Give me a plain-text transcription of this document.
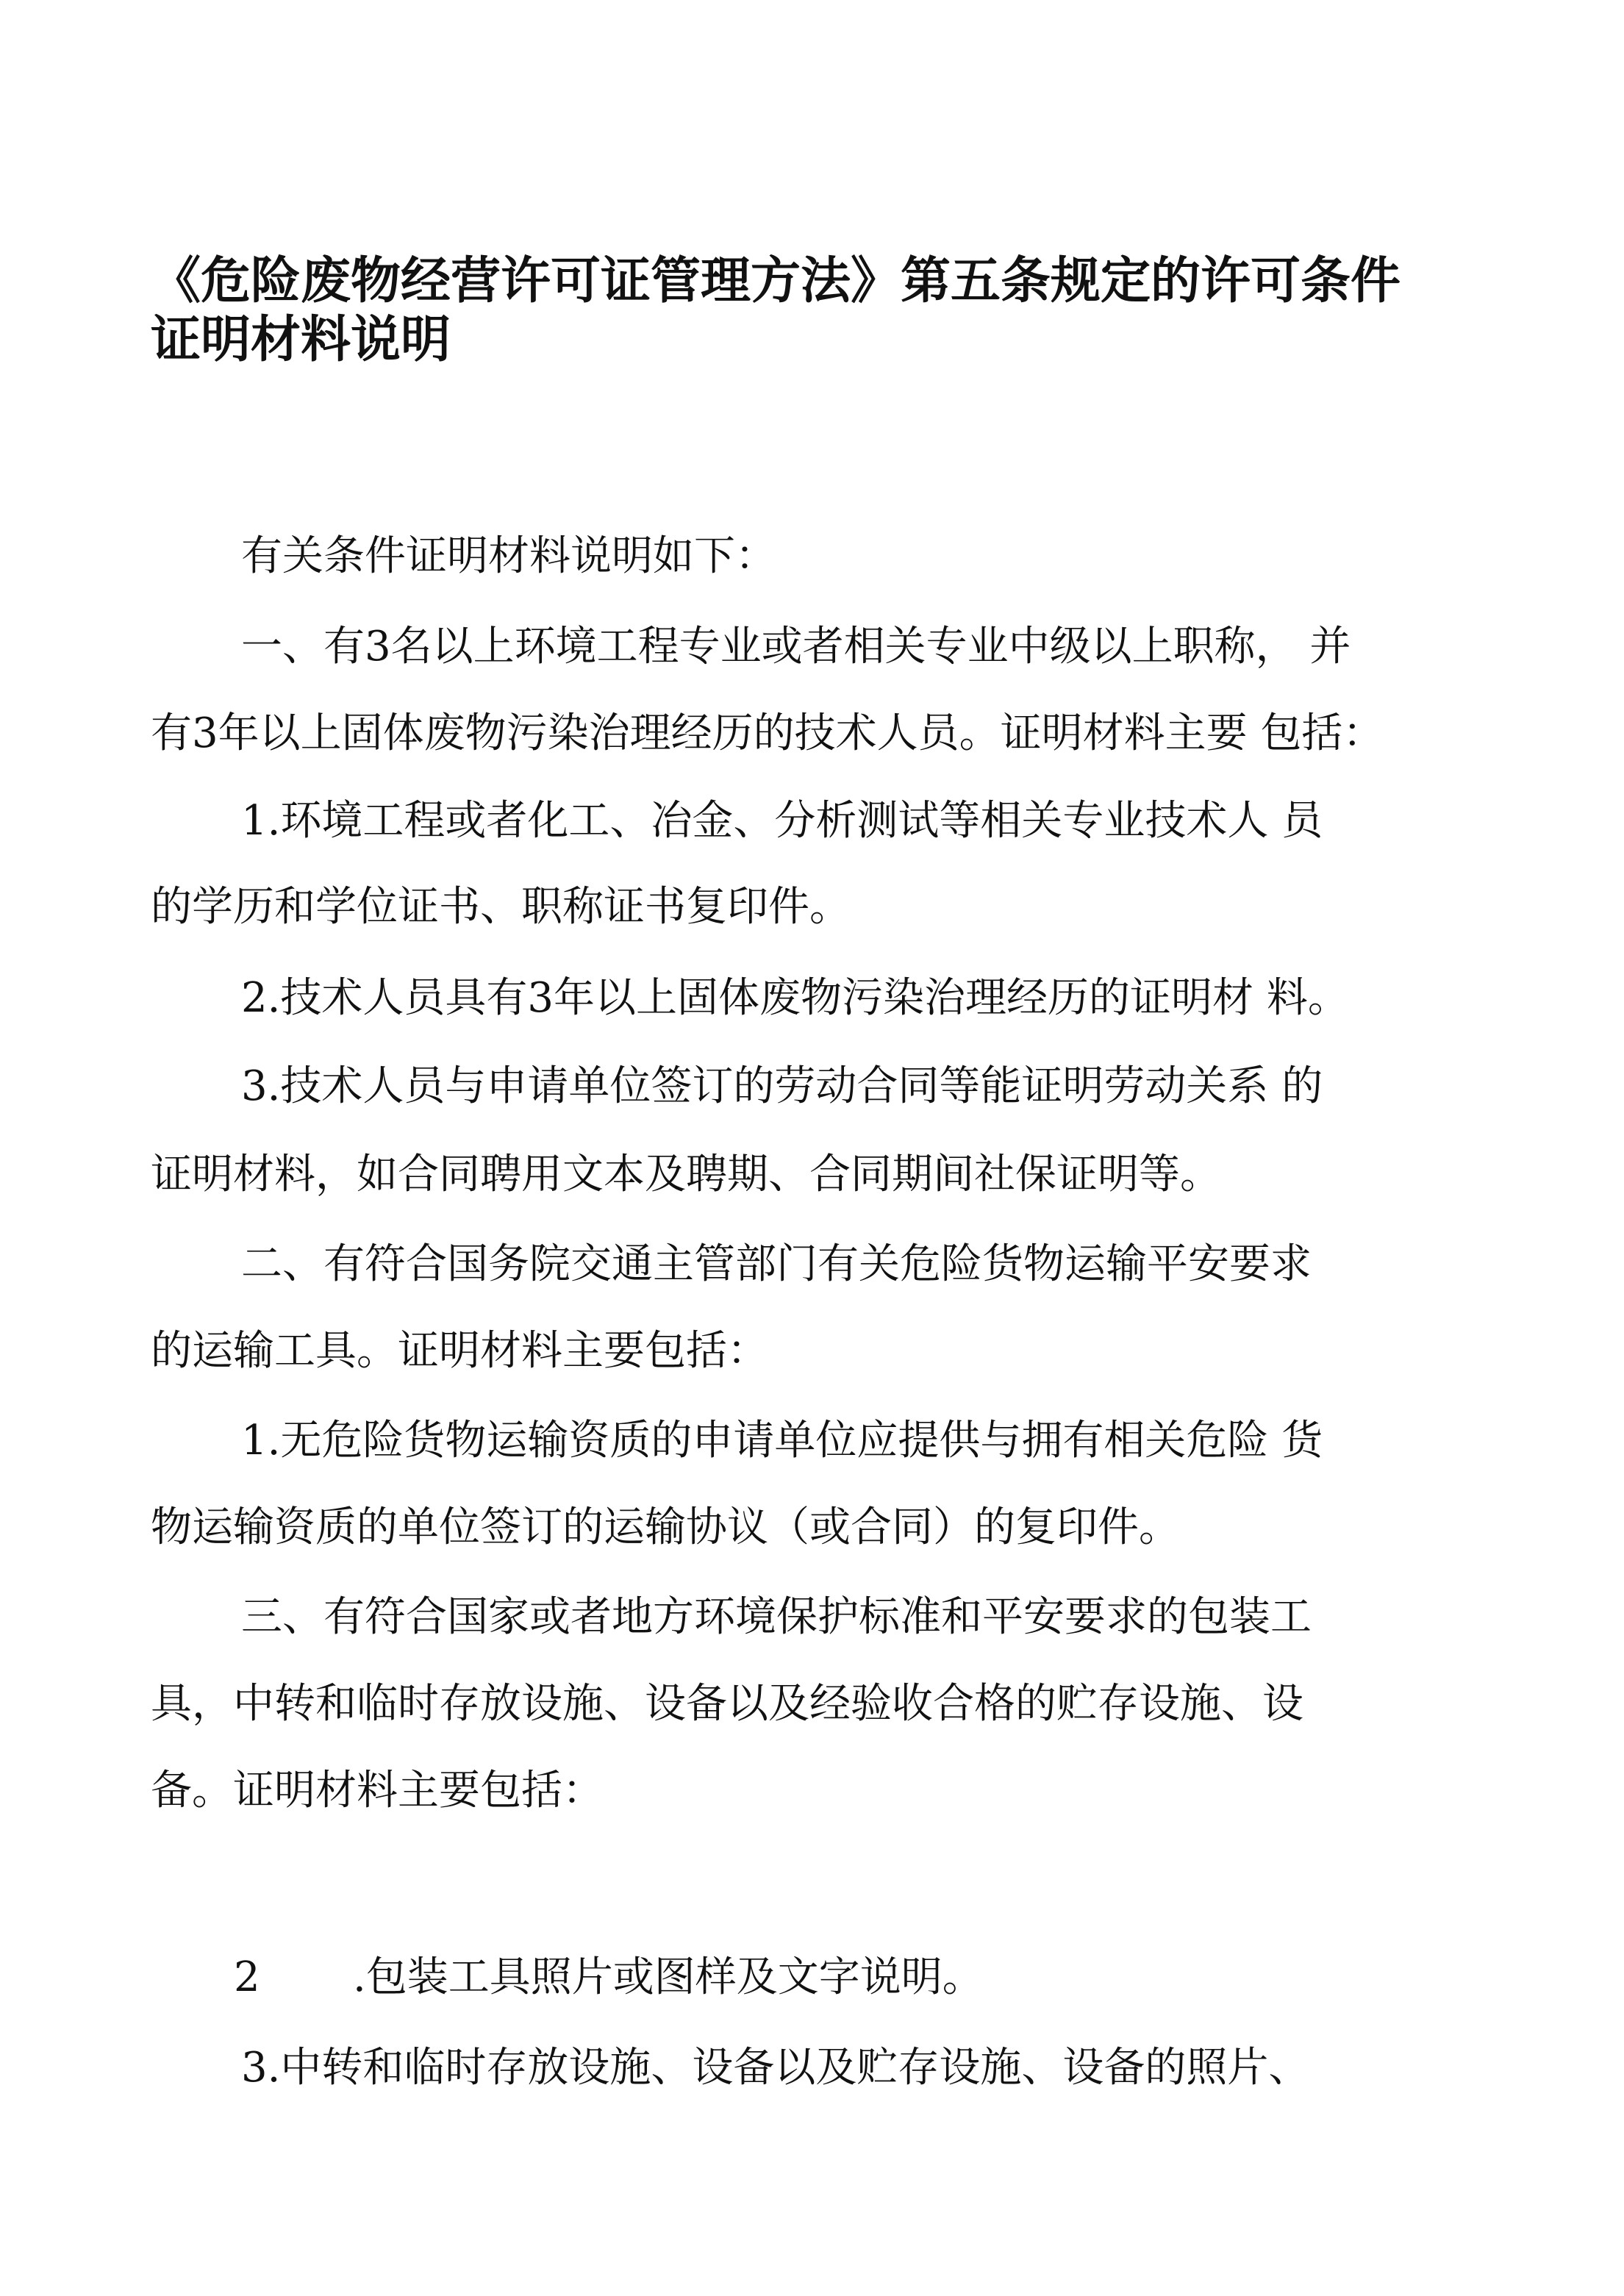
《危险废物经营许可证管理方法》第五条规定的许可条件
证明材料说明
有关条件证明材料说明如下：
一、有3名以上环境工程专业或者相关专业中级以上职称， 并
有3年以上固体废物污染治理经历的技术人员。证明材料主要 包括：
1.环境工程或者化工、冶金、分析测试等相关专业技术人 员
的学历和学位证书、职称证书复印件。
2.技术人员具有3年以上固体废物污染治理经历的证明材 料。
3.技术人员与申请单位签订的劳动合同等能证明劳动关系 的
证明材料，如合同聘用文本及聘期、合同期间社保证明等。
二、有符合国务院交通主管部门有关危险货物运输平安要求
的运输工具。证明材料主要包括：
1.无危险货物运输资质的申请单位应提供与拥有相关危险 货
物运输资质的单位签订的运输协议（或合同）的复印件。
三、有符合国家或者地方环境保护标准和平安要求的包装工
具，中转和临时存放设施、设备以及经验收合格的贮存设施、设
备。证明材料主要包括：
2 .包装工具照片或图样及文字说明。
3.中转和临时存放设施、设备以及贮存设施、设备的照片、
